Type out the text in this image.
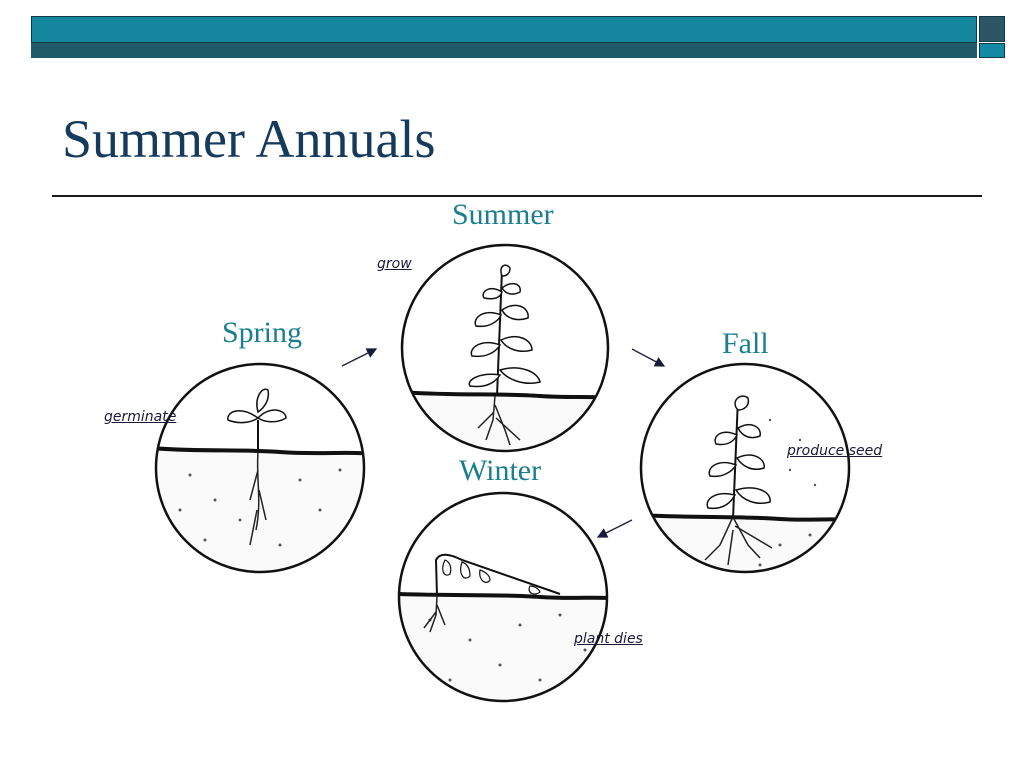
Summer Annuals
Summer
Spring	Fall
Winter
grow
germinate
produce seed
plant dies
